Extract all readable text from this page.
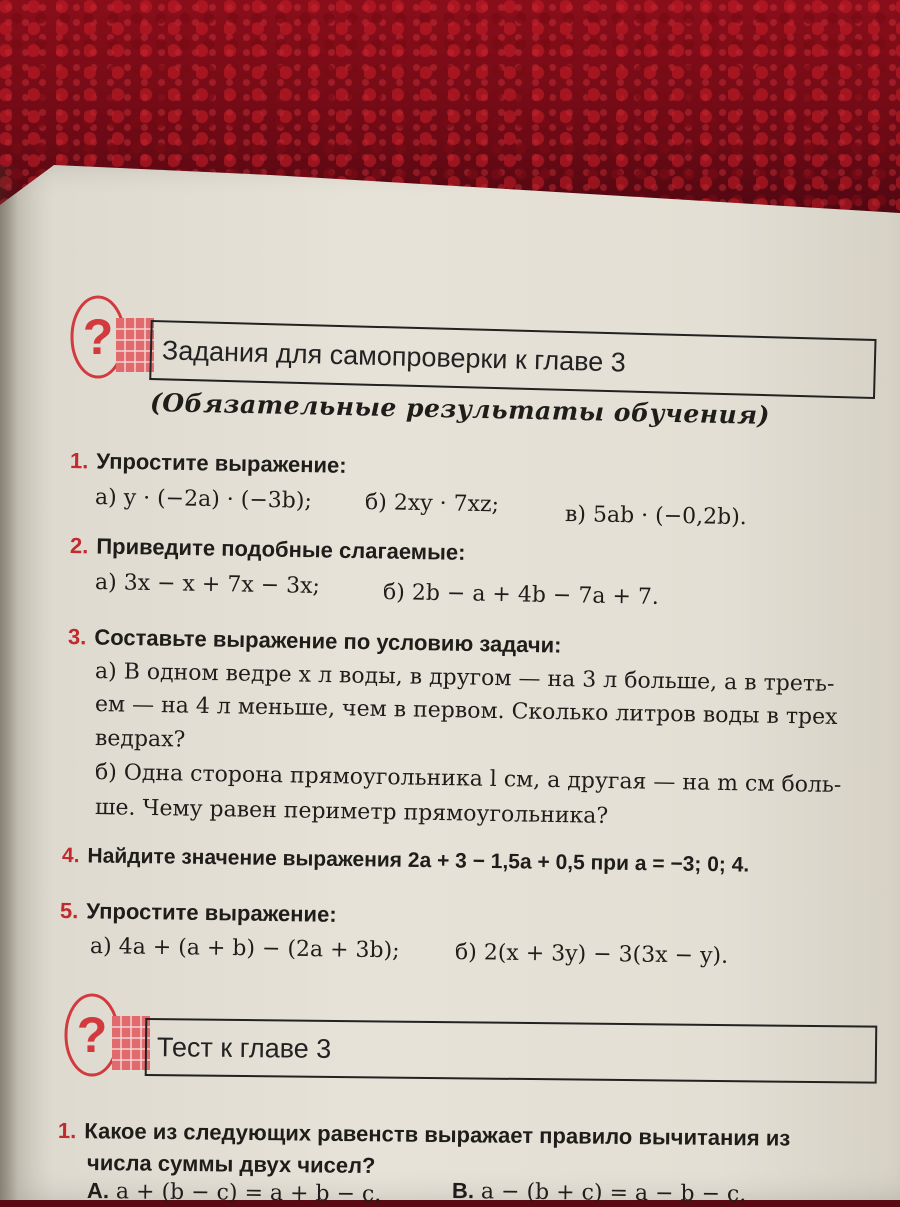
? Задания для самопроверки к главе 3
(Обязательные результаты обучения)
1. Упростите выражение:
а) y · (−2a) · (−3b); б) 2xy · 7xz;	в) 5ab · (−0,2b).
2. Приведите подобные слагаемые:
а) 3x − x + 7x − 3x;	б) 2b − a + 4b − 7a + 7.
3. Составьте выражение по условию задачи:
а) В одном ведре x л воды, в другом — на 3 л больше, а в треть-
ем — на 4 л меньше, чем в первом. Сколько литров воды в трех
ведрах?
б) Одна сторона прямоугольника l см, а другая — на m см боль-
ше. Чему равен периметр прямоугольника?
4. Найдите значение выражения 2a + 3 − 1,5a + 0,5 при a = −3; 0; 4.
5. Упростите выражение:
а) 4a + (a + b) − (2a + 3b);	б) 2(x + 3y) − 3(3x − y).
? Тест к главе 3
1. Какое из следующих равенств выражает правило вычитания из
числа суммы двух чисел?
А. a + (b − c) = a + b − c.	В. a − (b + c) = a − b − c.
